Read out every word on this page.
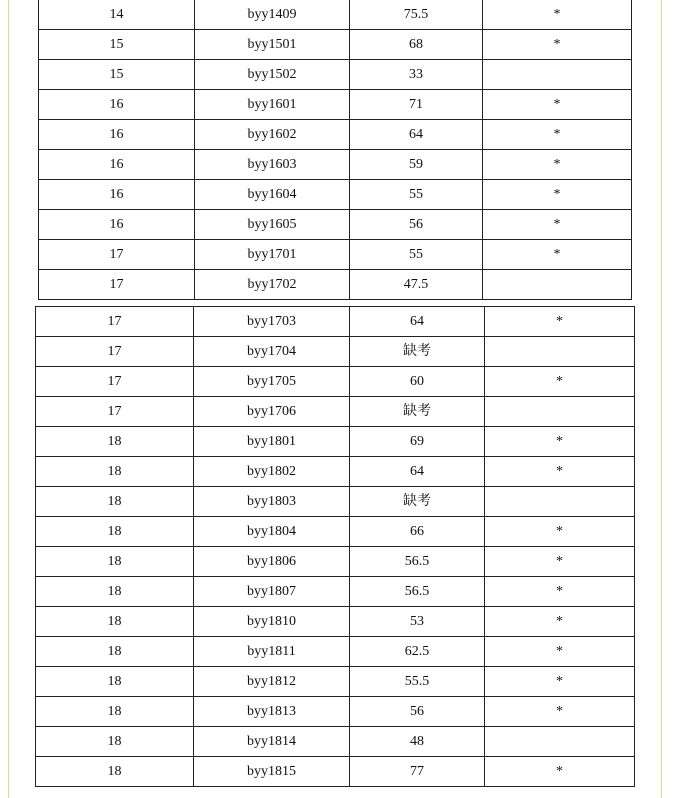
14	byy1409	75.5	*
15	byy1501	68	*
15	byy1502	33	
16	byy1601	71	*
16	byy1602	64	*
16	byy1603	59	*
16	byy1604	55	*
16	byy1605	56	*
17	byy1701	55	*
17	byy1702	47.5	
17	byy1703	64	*
17	byy1704	缺考	
17	byy1705	60	*
17	byy1706	缺考	
18	byy1801	69	*
18	byy1802	64	*
18	byy1803	缺考	
18	byy1804	66	*
18	byy1806	56.5	*
18	byy1807	56.5	*
18	byy1810	53	*
18	byy1811	62.5	*
18	byy1812	55.5	*
18	byy1813	56	*
18	byy1814	48	
18	byy1815	77	*
